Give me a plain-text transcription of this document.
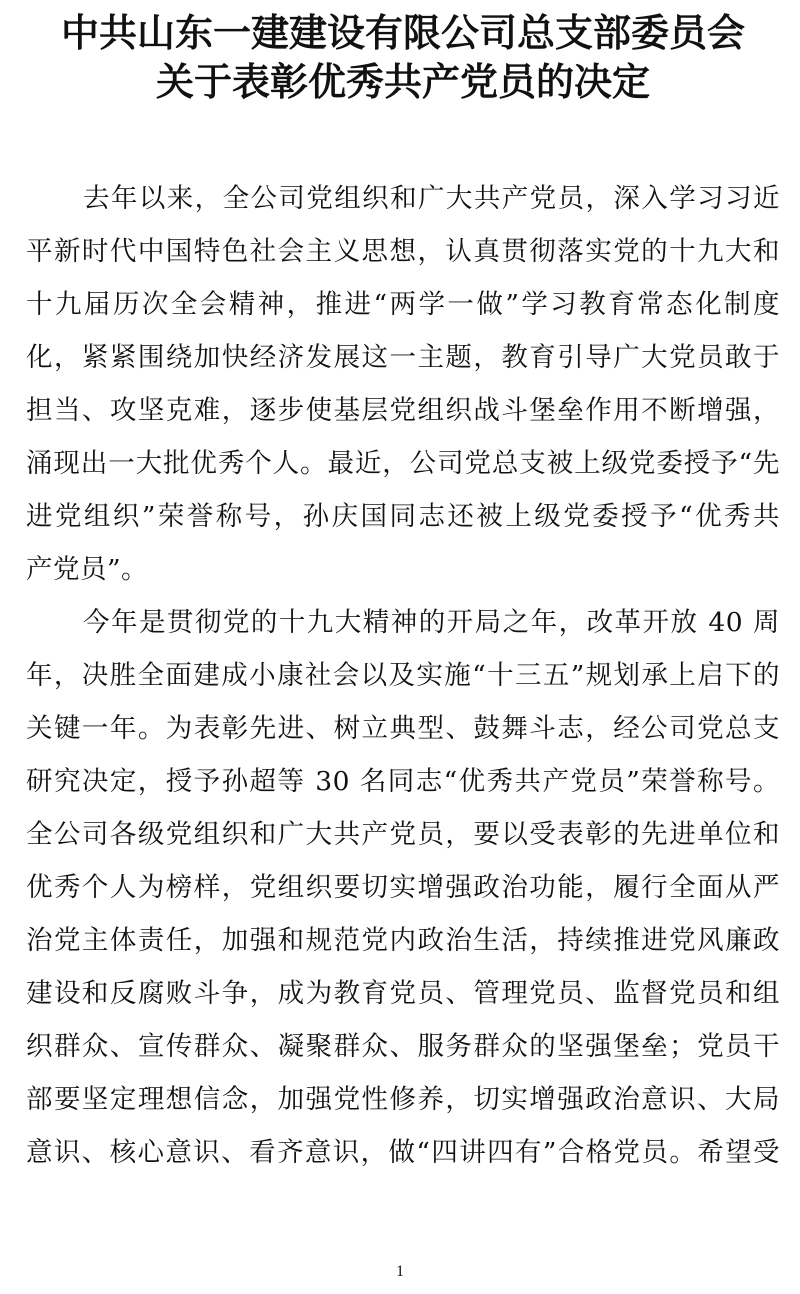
中共山东一建建设有限公司总支部委员会
关于表彰优秀共产党员的决定

去年以来，全公司党组织和广大共产党员，深入学习习近
平新时代中国特色社会主义思想，认真贯彻落实党的十九大和
十九届历次全会精神，推进“两学一做”学习教育常态化制度
化，紧紧围绕加快经济发展这一主题，教育引导广大党员敢于
担当、攻坚克难，逐步使基层党组织战斗堡垒作用不断增强，
涌现出一大批优秀个人。最近，公司党总支被上级党委授予“先
进党组织”荣誉称号，孙庆国同志还被上级党委授予“优秀共
产党员”。

今年是贯彻党的十九大精神的开局之年，改革开放 40 周
年，决胜全面建成小康社会以及实施“十三五”规划承上启下的
关键一年。为表彰先进、树立典型、鼓舞斗志，经公司党总支
研究决定，授予孙超等 30 名同志“优秀共产党员”荣誉称号。
全公司各级党组织和广大共产党员，要以受表彰的先进单位和
优秀个人为榜样，党组织要切实增强政治功能，履行全面从严
治党主体责任，加强和规范党内政治生活，持续推进党风廉政
建设和反腐败斗争，成为教育党员、管理党员、监督党员和组
织群众、宣传群众、凝聚群众、服务群众的坚强堡垒；党员干
部要坚定理想信念，加强党性修养，切实增强政治意识、大局
意识、核心意识、看齐意识，做“四讲四有”合格党员。希望受

1
